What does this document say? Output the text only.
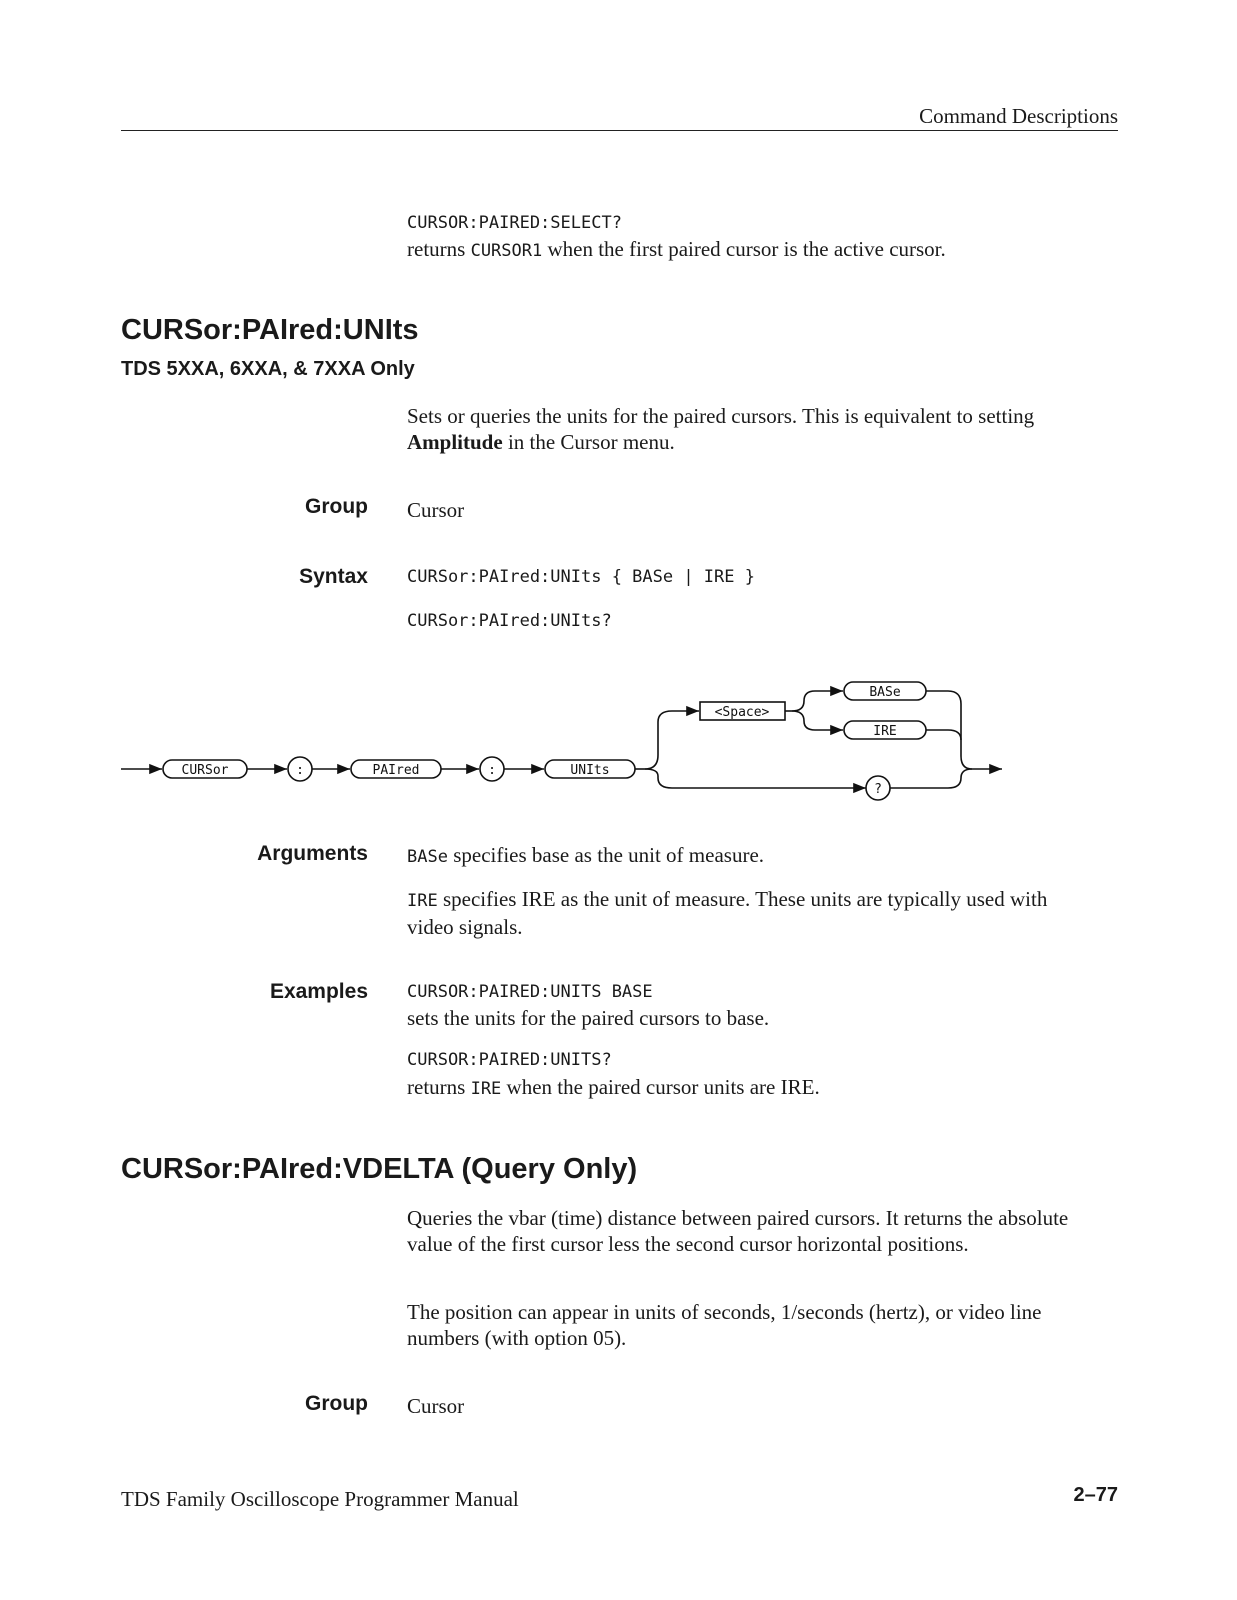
Command Descriptions
CURSOR:PAIRED:SELECT?
returns CURSOR1 when the first paired cursor is the active cursor.
CURSor:PAIred:UNIts
TDS 5XXA, 6XXA, & 7XXA Only
Sets or queries the units for the paired cursors. This is equivalent to setting Amplitude in the Cursor menu.
Group Cursor
Syntax CURSor:PAIred:UNIts { BASe | IRE }
CURSor:PAIred:UNIts?
CURSor	:	PAIred	:	UNIts
<Space>
BASe
IRE
?
Arguments BASe specifies base as the unit of measure.
IRE specifies IRE as the unit of measure. These units are typically used with video signals.
Examples CURSOR:PAIRED:UNITS BASE
sets the units for the paired cursors to base.
CURSOR:PAIRED:UNITS?
returns IRE when the paired cursor units are IRE.
CURSor:PAIred:VDELTA (Query Only)
Queries the vbar (time) distance between paired cursors. It returns the absolute value of the first cursor less the second cursor horizontal positions.
The position can appear in units of seconds, 1/seconds (hertz), or video line numbers (with option 05).
Group Cursor
TDS Family Oscilloscope Programmer Manual	2–77
